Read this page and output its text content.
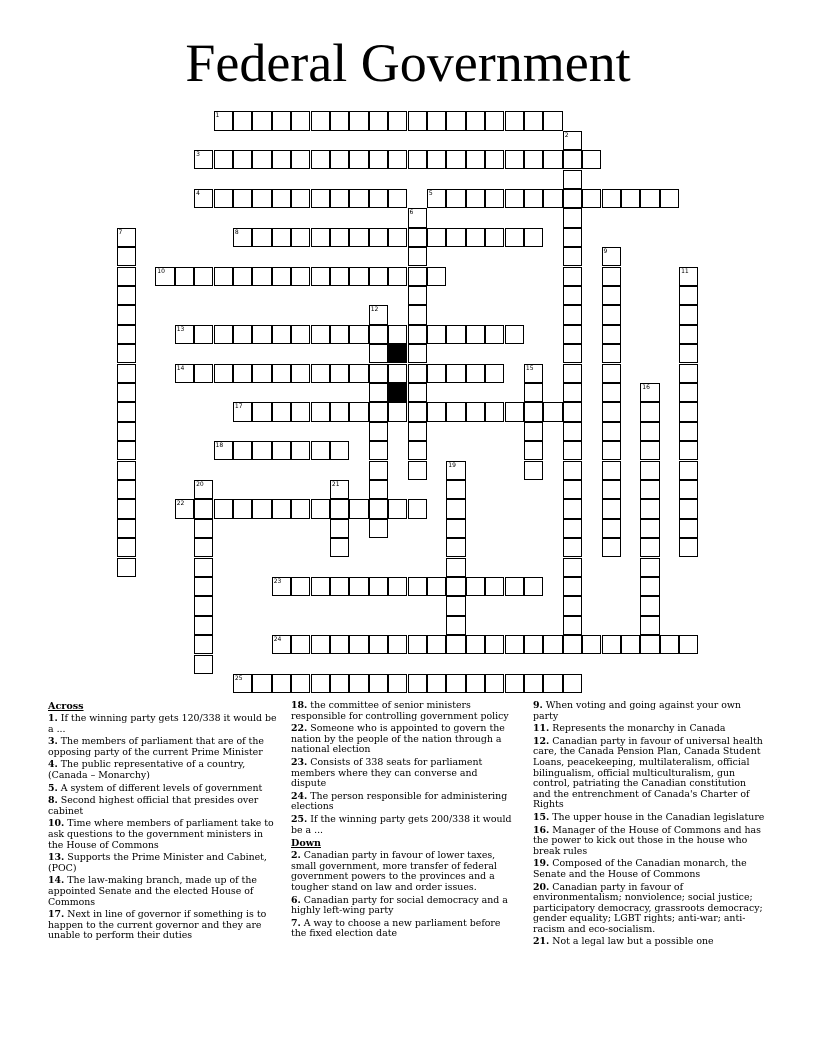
Federal Government
1
3
4	5
8
10
13
14
17
18
22
23
24
25
2
6
7
9
11
12
15
16
19
20	21
Across
1. If the winning party gets 120/338 it would be a ...
3. The members of parliament that are of the opposing party of the current Prime Minister
4. The public representative of a country, (Canada – Monarchy)
5. A system of different levels of government
8. Second highest official that presides over cabinet
10. Time where members of parliament take to ask questions to the government ministers in the House of Commons
13. Supports the Prime Minister and Cabinet, (POC)
14. The law-making branch, made up of the appointed Senate and the elected House of Commons
17. Next in line of governor if something is to happen to the current governor and they are unable to perform their duties
18. the committee of senior ministers responsible for controlling government policy
22. Someone who is appointed to govern the nation by the people of the nation through a national election
23. Consists of 338 seats for parliament members where they can converse and dispute
24. The person responsible for administering elections
25. If the winning party gets 200/338 it would be a ...
Down
2. Canadian party in favour of lower taxes, small government, more transfer of federal government powers to the provinces and a tougher stand on law and order issues.
6. Canadian party for social democracy and a highly left-wing party
7. A way to choose a new parliament before the fixed election date
9. When voting and going against your own party
11. Represents the monarchy in Canada
12. Canadian party in favour of universal health care, the Canada Pension Plan, Canada Student Loans, peacekeeping, multilateralism, official bilingualism, official multiculturalism, gun control, patriating the Canadian constitution and the entrenchment of Canada's Charter of Rights
15. The upper house in the Canadian legislature
16. Manager of the House of Commons and has the power to kick out those in the house who break rules
19. Composed of the Canadian monarch, the Senate and the House of Commons
20. Canadian party in favour of environmentalism; nonviolence; social justice; participatory democracy, grassroots democracy; gender equality; LGBT rights; anti-war; anti-racism and eco-socialism.
21. Not a legal law but a possible one
